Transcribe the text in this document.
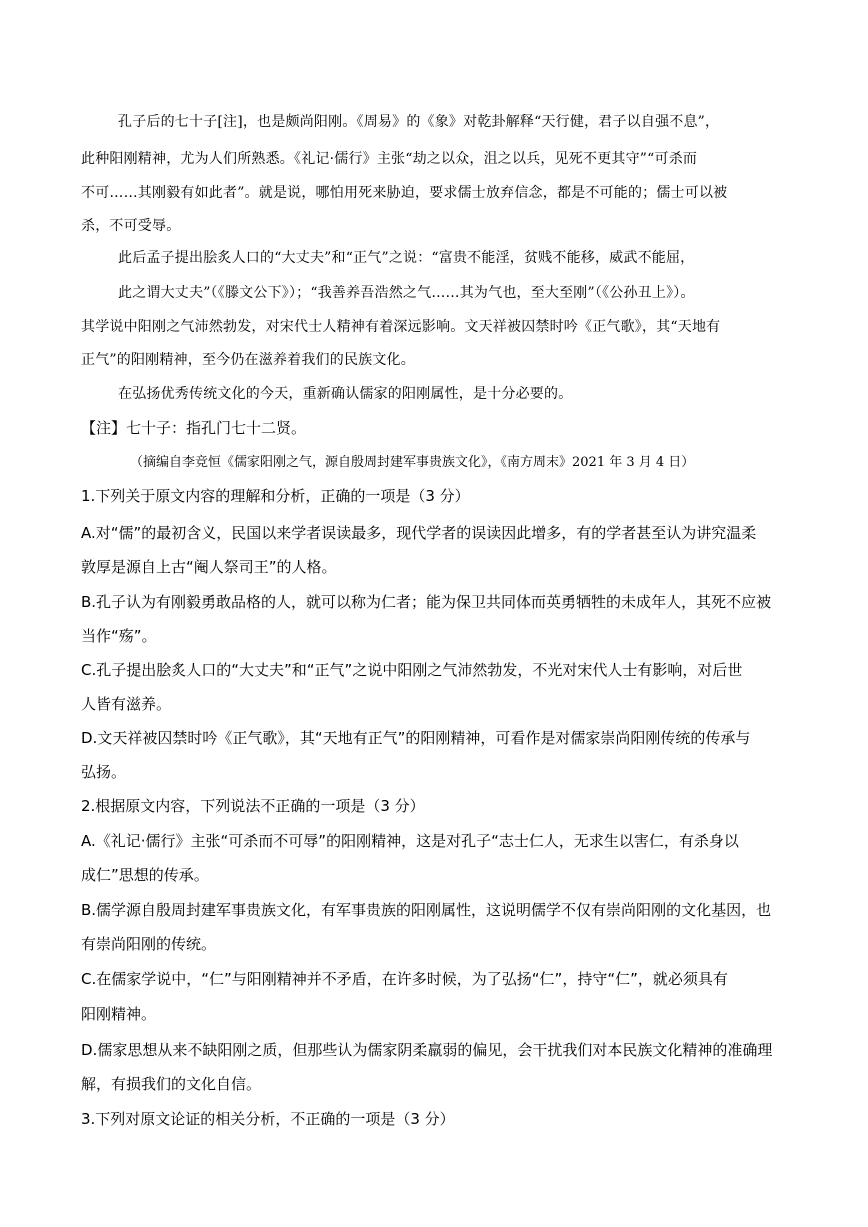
孔子后的七十子[注]，也是颇尚阳刚。《周易》的《象》对乾卦解释“天行健，君子以自强不息”，
此种阳刚精神，尤为人们所熟悉。《礼记·儒行》主张“劫之以众，沮之以兵，见死不更其守”“可杀而
不可……其刚毅有如此者”。就是说，哪怕用死来胁迫，要求儒士放弃信念，都是不可能的；儒士可以被
杀，不可受辱。
此后孟子提出脍炙人口的“大丈夫”和“正气”之说：“富贵不能淫，贫贱不能移，威武不能屈，
此之谓大丈夫”（《滕文公下》）；“我善养吾浩然之气……其为气也，至大至刚”（《公孙丑上》）。
其学说中阳刚之气沛然勃发，对宋代士人精神有着深远影响。文天祥被囚禁时吟《正气歌》，其“天地有
正气”的阳刚精神，至今仍在滋养着我们的民族文化。
在弘扬优秀传统文化的今天，重新确认儒家的阳刚属性，是十分必要的。
【注】七十子：指孔门七十二贤。
（摘编自李竞恒《儒家阳刚之气，源自殷周封建军事贵族文化》，《南方周末》2021 年 3 月 4 日）
1.下列关于原文内容的理解和分析，正确的一项是（3 分）
A.对“儒”的最初含义，民国以来学者误读最多，现代学者的误读因此增多，有的学者甚至认为讲究温柔
敦厚是源自上古“阉人祭司王”的人格。
B.孔子认为有刚毅勇敢品格的人，就可以称为仁者；能为保卫共同体而英勇牺牲的未成年人，其死不应被
当作“殇”。
C.孔子提出脍炙人口的“大丈夫”和“正气”之说中阳刚之气沛然勃发，不光对宋代人士有影响，对后世
人皆有滋养。
D.文天祥被囚禁时吟《正气歌》，其“天地有正气”的阳刚精神，可看作是对儒家崇尚阳刚传统的传承与
弘扬。
2.根据原文内容，下列说法不正确的一项是（3 分）
A.《礼记·儒行》主张“可杀而不可辱”的阳刚精神，这是对孔子“志士仁人，无求生以害仁，有杀身以
成仁”思想的传承。
B.儒学源自殷周封建军事贵族文化，有军事贵族的阳刚属性，这说明儒学不仅有崇尚阳刚的文化基因，也
有崇尚阳刚的传统。
C.在儒家学说中，“仁”与阳刚精神并不矛盾，在许多时候，为了弘扬“仁”，持守“仁”，就必须具有
阳刚精神。
D.儒家思想从来不缺阳刚之质，但那些认为儒家阴柔羸弱的偏见，会干扰我们对本民族文化精神的准确理
解，有损我们的文化自信。
3.下列对原文论证的相关分析，不正确的一项是（3 分）
